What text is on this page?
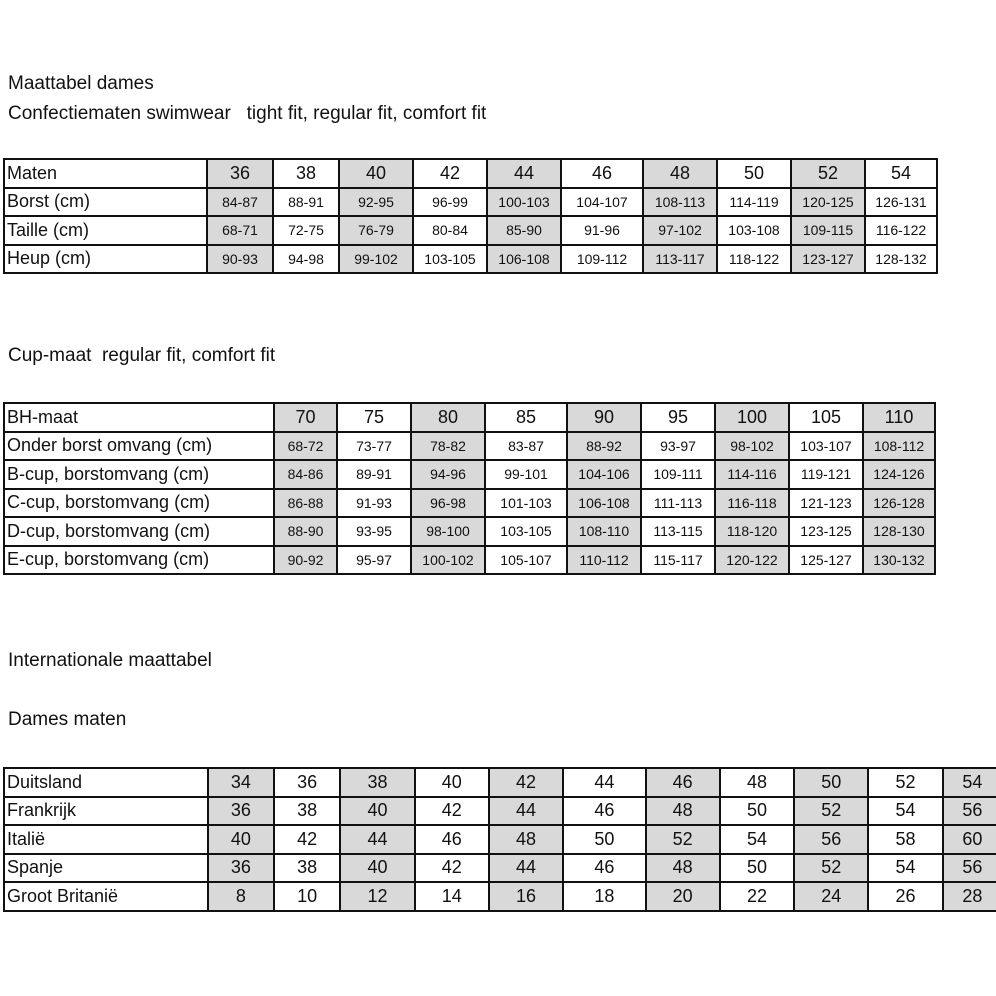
Maattabel dames
Confectiematen swimwear   tight fit, regular fit, comfort fit
Maten	36	38	40	42	44	46	48	50	52	54
Borst (cm)	84-87	88-91	92-95	96-99	100-103	104-107	108-113	114-119	120-125	126-131
Taille (cm)	68-71	72-75	76-79	80-84	85-90	91-96	97-102	103-108	109-115	116-122
Heup (cm)	90-93	94-98	99-102	103-105	106-108	109-112	113-117	118-122	123-127	128-132
Cup-maat  regular fit, comfort fit
BH-maat	70	75	80	85	90	95	100	105	110
Onder borst omvang (cm)	68-72	73-77	78-82	83-87	88-92	93-97	98-102	103-107	108-112
B-cup, borstomvang (cm)	84-86	89-91	94-96	99-101	104-106	109-111	114-116	119-121	124-126
C-cup, borstomvang (cm)	86-88	91-93	96-98	101-103	106-108	111-113	116-118	121-123	126-128
D-cup, borstomvang (cm)	88-90	93-95	98-100	103-105	108-110	113-115	118-120	123-125	128-130
E-cup, borstomvang (cm)	90-92	95-97	100-102	105-107	110-112	115-117	120-122	125-127	130-132
Internationale maattabel
Dames maten
Duitsland	34	36	38	40	42	44	46	48	50	52	54
Frankrijk	36	38	40	42	44	46	48	50	52	54	56
Italië	40	42	44	46	48	50	52	54	56	58	60
Spanje	36	38	40	42	44	46	48	50	52	54	56
Groot Britanië	8	10	12	14	16	18	20	22	24	26	28
